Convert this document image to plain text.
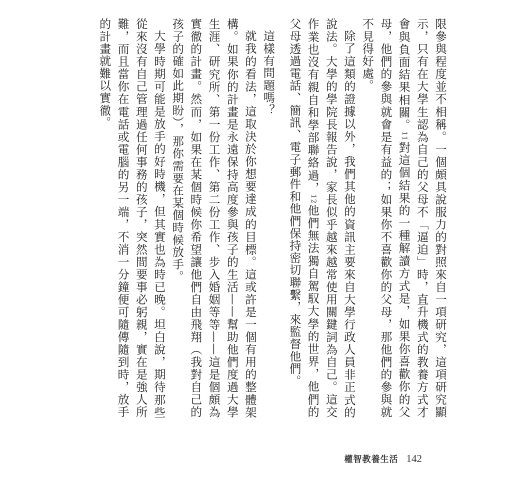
限參與程度並不相稱。一個頗具說服力的對照來自一項研究，這項研究顯示，只有在大學生認為自己的父母不「逼迫」時，直升機式的教養方式才會與負面結果相關。$^{11}$對這個結果的一種解讀方式是，如果你喜歡你的父母，他們的參與就會是有益的；如果你不喜歡你的父母，那他們的參與就不見得好處。

除了這類的證據以外，我們其他的資訊主要來自大學行政人員非正式的說法。大學的學院長報告說，家長似乎越來越常使用關鍵詞為自己。這交作業也沒有親自和學部聯絡過，$^{12}$他們無法獨自駕馭大學的世界，他們的父母透過電話、簡訊、電子郵件和他們保持密切聯繫，來監督他們。

這樣有問題嗎？

就我的看法，這取決於你想要達成的目標。這或許是一個有用的整體架構。如果你的計畫是永遠保持高度參與孩子的生活——幫助他們度過大學生涯、研究所、第一份工作、第二份工作、步入婚姻等等——這是個頗為實徹的計畫。然而，如果在某個時候你希望讓他們自由飛翔（我對自己的孩子的確如此期盼），那你需要在某個時候放手。

大學時期可能是放手的好時機，但其實也為時已晚。坦白說，期待那些從來沒有自己管理過任何事務的孩子，突然間要事必躬親，實在是強人所難，而且當你在電話或電腦的另一端，不消一分鐘便可隨傳隨到時，放手的計畫就難以實徹。

權智教養生活 142
